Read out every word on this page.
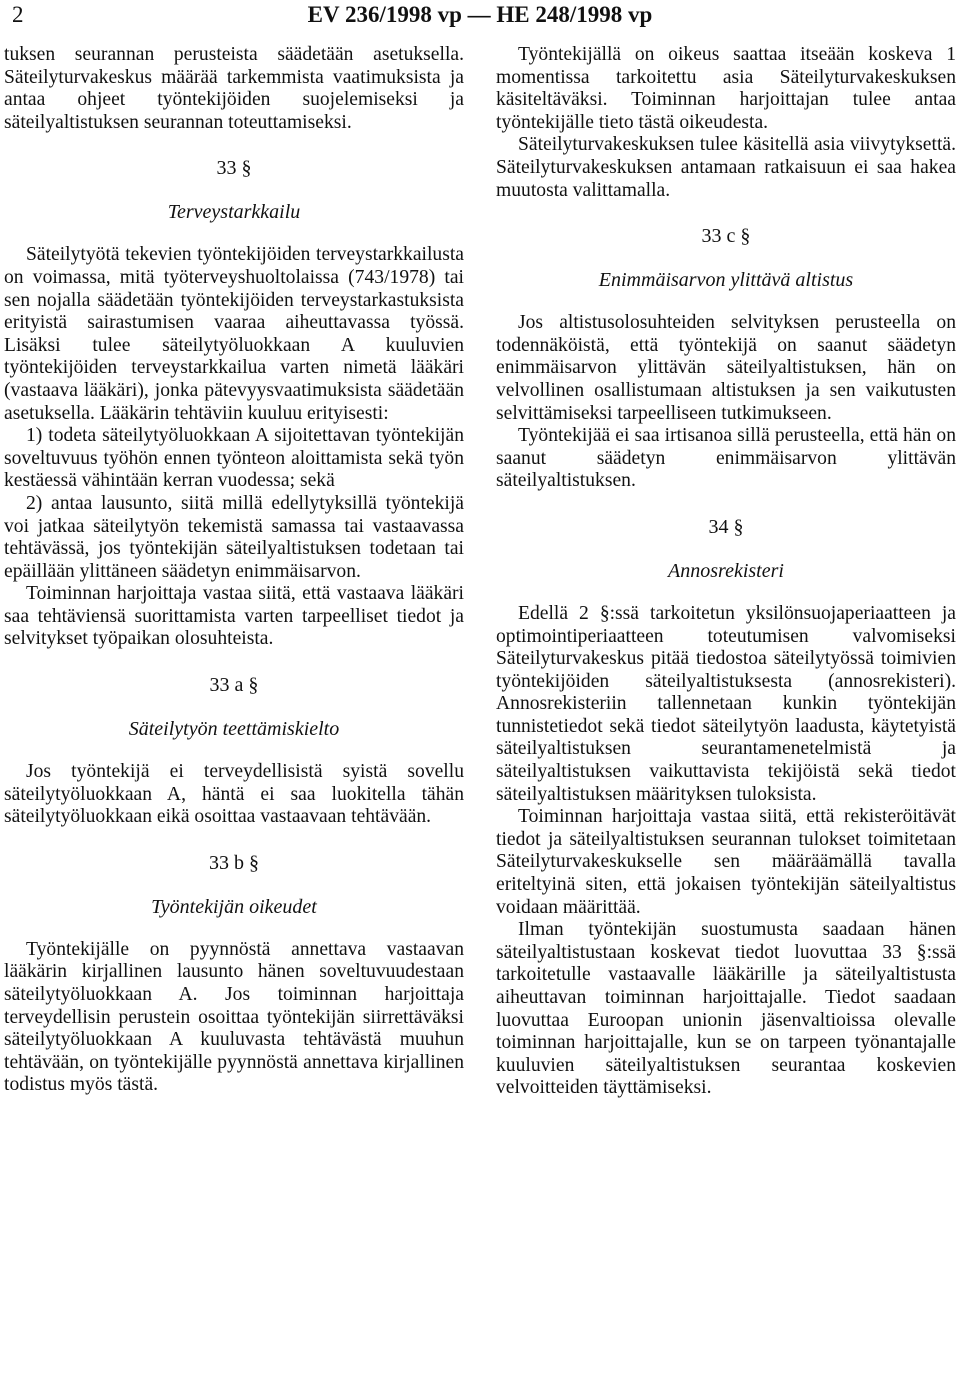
2	EV 236/1998 vp — HE 248/1998 vp

tuksen seurannan perusteista säädetään asetuksella. Säteilyturvakeskus määrää tarkemmista vaatimuksista ja antaa ohjeet työntekijöiden suojelemiseksi ja säteilyaltistuksen seurannan toteuttamiseksi.

33 §
Terveystarkkailu

Säteilytyötä tekevien työntekijöiden terveystarkkailusta on voimassa, mitä työterveyshuoltolaissa (743/1978) tai sen nojalla säädetään työntekijöiden terveystarkastuksista erityistä sairastumisen vaaraa aiheuttavassa työssä. Lisäksi tulee säteilytyöluokkaan A kuuluvien työntekijöiden terveystarkkailua varten nimetä lääkäri (vastaava lääkäri), jonka pätevyysvaatimuksista säädetään asetuksella. Lääkärin tehtäviin kuuluu erityisesti:

1) todeta säteilytyöluokkaan A sijoitettavan työntekijän soveltuvuus työhön ennen työnteon aloittamista sekä työn kestäessä vähintään kerran vuodessa; sekä

2) antaa lausunto, siitä millä edellytyksillä työntekijä voi jatkaa säteilytyön tekemistä samassa tai vastaavassa tehtävässä, jos työntekijän säteilyaltistuksen todetaan tai epäillään ylittäneen säädetyn enimmäisarvon.

Toiminnan harjoittaja vastaa siitä, että vastaava lääkäri saa tehtäviensä suorittamista varten tarpeelliset tiedot ja selvitykset työpaikan olosuhteista.

33 a §
Säteilytyön teettämiskielto

Jos työntekijä ei terveydellisistä syistä sovellu säteilytyöluokkaan A, häntä ei saa luokitella tähän säteilytyöluokkaan eikä osoittaa vastaavaan tehtävään.

33 b §
Työntekijän oikeudet

Työntekijälle on pyynnöstä annettava vastaavan lääkärin kirjallinen lausunto hänen soveltuvuudestaan säteilytyöluokkaan A. Jos toiminnan harjoittaja terveydellisin perustein osoittaa työntekijän siirrettäväksi säteilytyöluokkaan A kuuluvasta tehtävästä muuhun tehtävään, on työntekijälle pyynnöstä annettava kirjallinen todistus myös tästä.

Työntekijällä on oikeus saattaa itseään koskeva 1 momentissa tarkoitettu asia Säteilyturvakeskuksen käsiteltäväksi. Toiminnan harjoittajan tulee antaa työntekijälle tieto tästä oikeudesta.

Säteilyturvakeskuksen tulee käsitellä asia viivytyksettä. Säteilyturvakeskuksen antamaan ratkaisuun ei saa hakea muutosta valittamalla.

33 c §
Enimmäisarvon ylittävä altistus

Jos altistusolosuhteiden selvityksen perusteella on todennäköistä, että työntekijä on saanut säädetyn enimmäisarvon ylittävän säteilyaltistuksen, hän on velvollinen osallistumaan altistuksen ja sen vaikutusten selvittämiseksi tarpeelliseen tutkimukseen.

Työntekijää ei saa irtisanoa sillä perusteella, että hän on saanut säädetyn enimmäisarvon ylittävän säteilyaltistuksen.

34 §
Annosrekisteri

Edellä 2 §:ssä tarkoitetun yksilönsuojaperiaatteen ja optimointiperiaatteen toteutumisen valvomiseksi Säteilyturvakeskus pitää tiedostoa säteilytyössä toimivien työntekijöiden säteilyaltistuksesta (annosrekisteri). Annosrekisteriin tallennetaan kunkin työntekijän tunnistetiedot sekä tiedot säteilytyön laadusta, käytetyistä säteilyaltistuksen seurantamenetelmistä ja säteilyaltistuksen vaikuttavista tekijöistä sekä tiedot säteilyaltistuksen määrityksen tuloksista.

Toiminnan harjoittaja vastaa siitä, että rekisteröitävät tiedot ja säteilyaltistuksen seurannan tulokset toimitetaan Säteilyturvakeskukselle sen määräämällä tavalla eriteltyinä siten, että jokaisen työntekijän säteilyaltistus voidaan määrittää.

Ilman työntekijän suostumusta saadaan hänen säteilyaltistustaan koskevat tiedot luovuttaa 33 §:ssä tarkoitetulle vastaavalle lääkärille ja säteilyaltistusta aiheuttavan toiminnan harjoittajalle. Tiedot saadaan luovuttaa Euroopan unionin jäsenvaltioissa olevalle toiminnan harjoittajalle, kun se on tarpeen työnantajalle kuuluvien säteilyaltistuksen seurantaa koskevien velvoitteiden täyttämiseksi.
